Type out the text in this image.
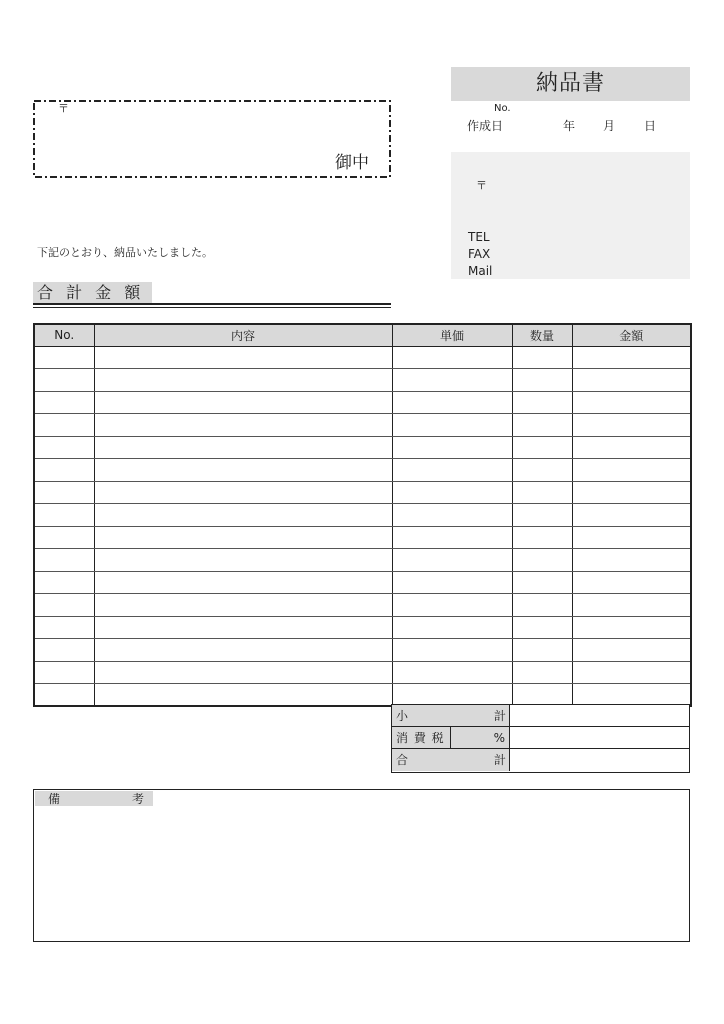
納品書
No.
作成日	年 月 日
〒
TEL
FAX
Mail
〒
御中
下記のとおり、納品いたしました。
合 計 金 額
No.	内容	単価	数量	金額

小	計
消 費 税	%
合	計
備	考
